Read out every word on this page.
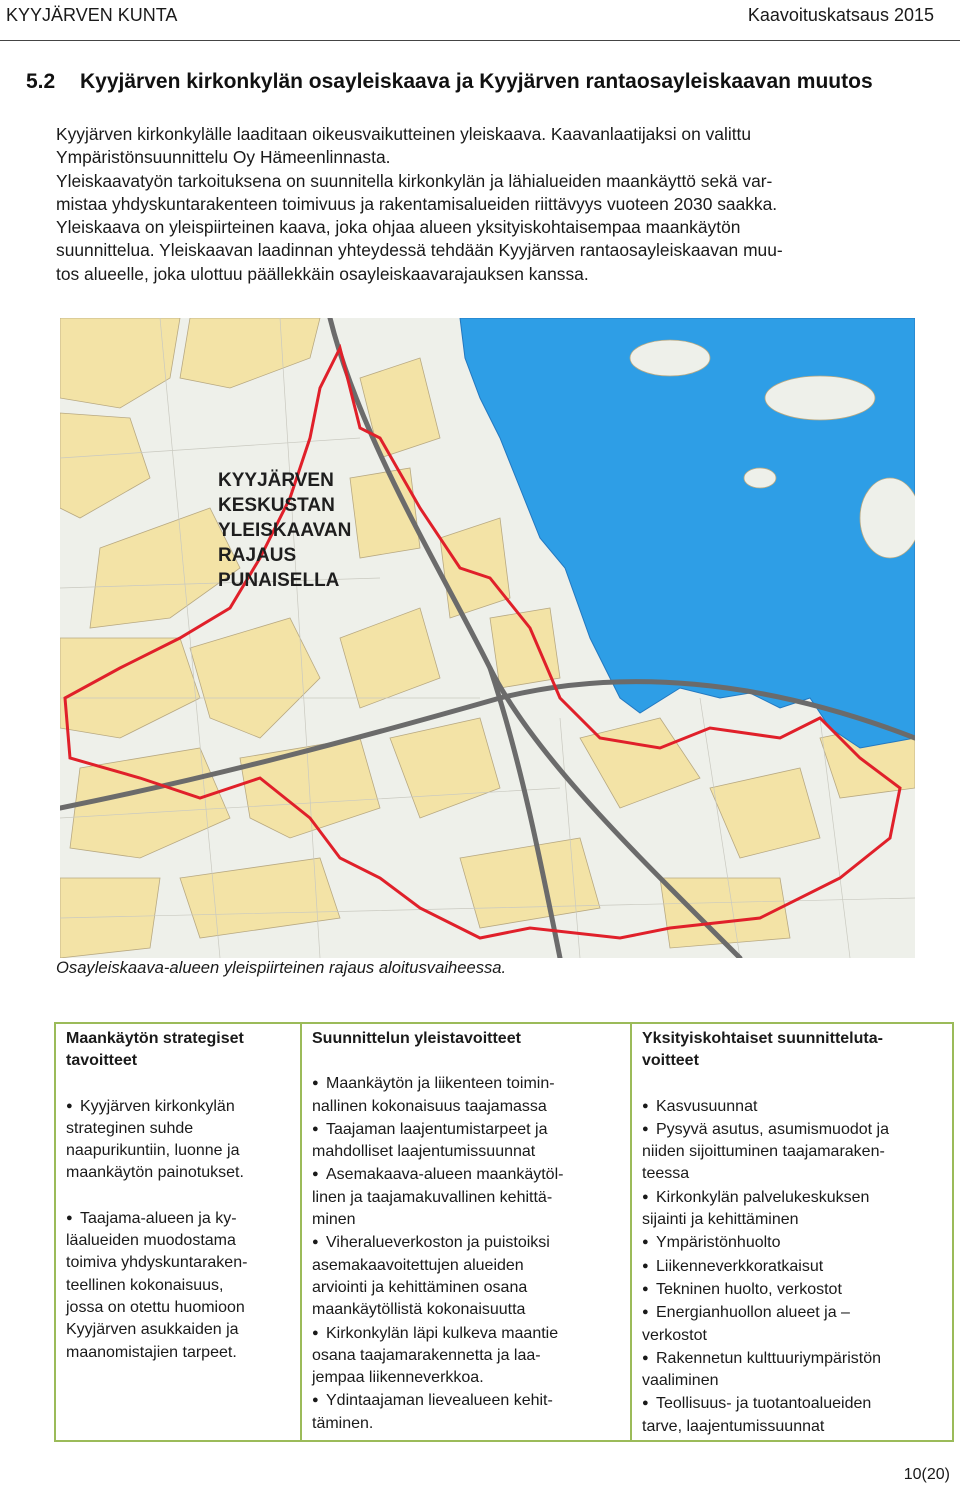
KYYJÄRVEN KUNTA	Kaavoituskatsaus 2015
5.2 Kyyjärven kirkonkylän osayleiskaava ja Kyyjärven rantaosayleiskaavan muutos

Kyyjärven kirkonkylälle laaditaan oikeusvaikutteinen yleiskaava. Kaavanlaatijaksi on valittu
Ympäristönsuunnittelu Oy Hämeenlinnasta.
Yleiskaavatyön tarkoituksena on suunnitella kirkonkylän ja lähialueiden maankäyttö sekä var-
mistaa yhdyskuntarakenteen toimivuus ja rakentamisalueiden riittävyys vuoteen 2030 saakka.
Yleiskaava on yleispiirteinen kaava, joka ohjaa alueen yksityiskohtaisempaa maankäytön
suunnittelua. Yleiskaavan laadinnan yhteydessä tehdään Kyyjärven rantaosayleiskaavan muu-
tos alueelle, joka ulottuu päällekkäin osayleiskaavarajauksen kanssa.

KYYJÄRVEN
KESKUSTAN
YLEISKAAVAN
RAJAUS
PUNAISELLA
Osayleiskaava-alueen yleispiirteinen rajaus aloitusvaiheessa.
Maankäytön strategiset
tavoitteet
● Kyyjärven kirkonkylän
strateginen suhde
naapurikuntiin, luonne ja
maankäytön painotukset.
● Taajama-alueen ja ky-
läalueiden muodostama
toimiva yhdyskuntaraken-
teellinen kokonaisuus,
jossa on otettu huomioon
Kyyjärven asukkaiden ja
maanomistajien tarpeet.
Suunnittelun yleistavoitteet
● Maankäytön ja liikenteen toimin-
nallinen kokonaisuus taajamassa
● Taajaman laajentumistarpeet ja
mahdolliset laajentumissuunnat
● Asemakaava-alueen maankäytöl-
linen ja taajamakuvallinen kehittä-
minen
● Viheralueverkoston ja puistoiksi
asemakaavoitettujen alueiden
arviointi ja kehittäminen osana
maankäytöllistä kokonaisuutta
● Kirkonkylän läpi kulkeva maantie
osana taajamarakennetta ja laa-
jempaa liikenneverkkoa.
● Ydintaajaman lievealueen kehit-
täminen.
Yksityiskohtaiset suunnitteluta-
voitteet
● Kasvusuunnat
● Pysyvä asutus, asumismuodot ja
niiden sijoittuminen taajamaraken-
teessa
● Kirkonkylän palvelukeskuksen
sijainti ja kehittäminen
● Ympäristönhuolto
● Liikenneverkkoratkaisut
● Tekninen huolto, verkostot
● Energianhuollon alueet ja –
verkostot
● Rakennetun kulttuuriympäristön
vaaliminen
● Teollisuus- ja tuotantoalueiden
tarve, laajentumissuunnat
10(20)
